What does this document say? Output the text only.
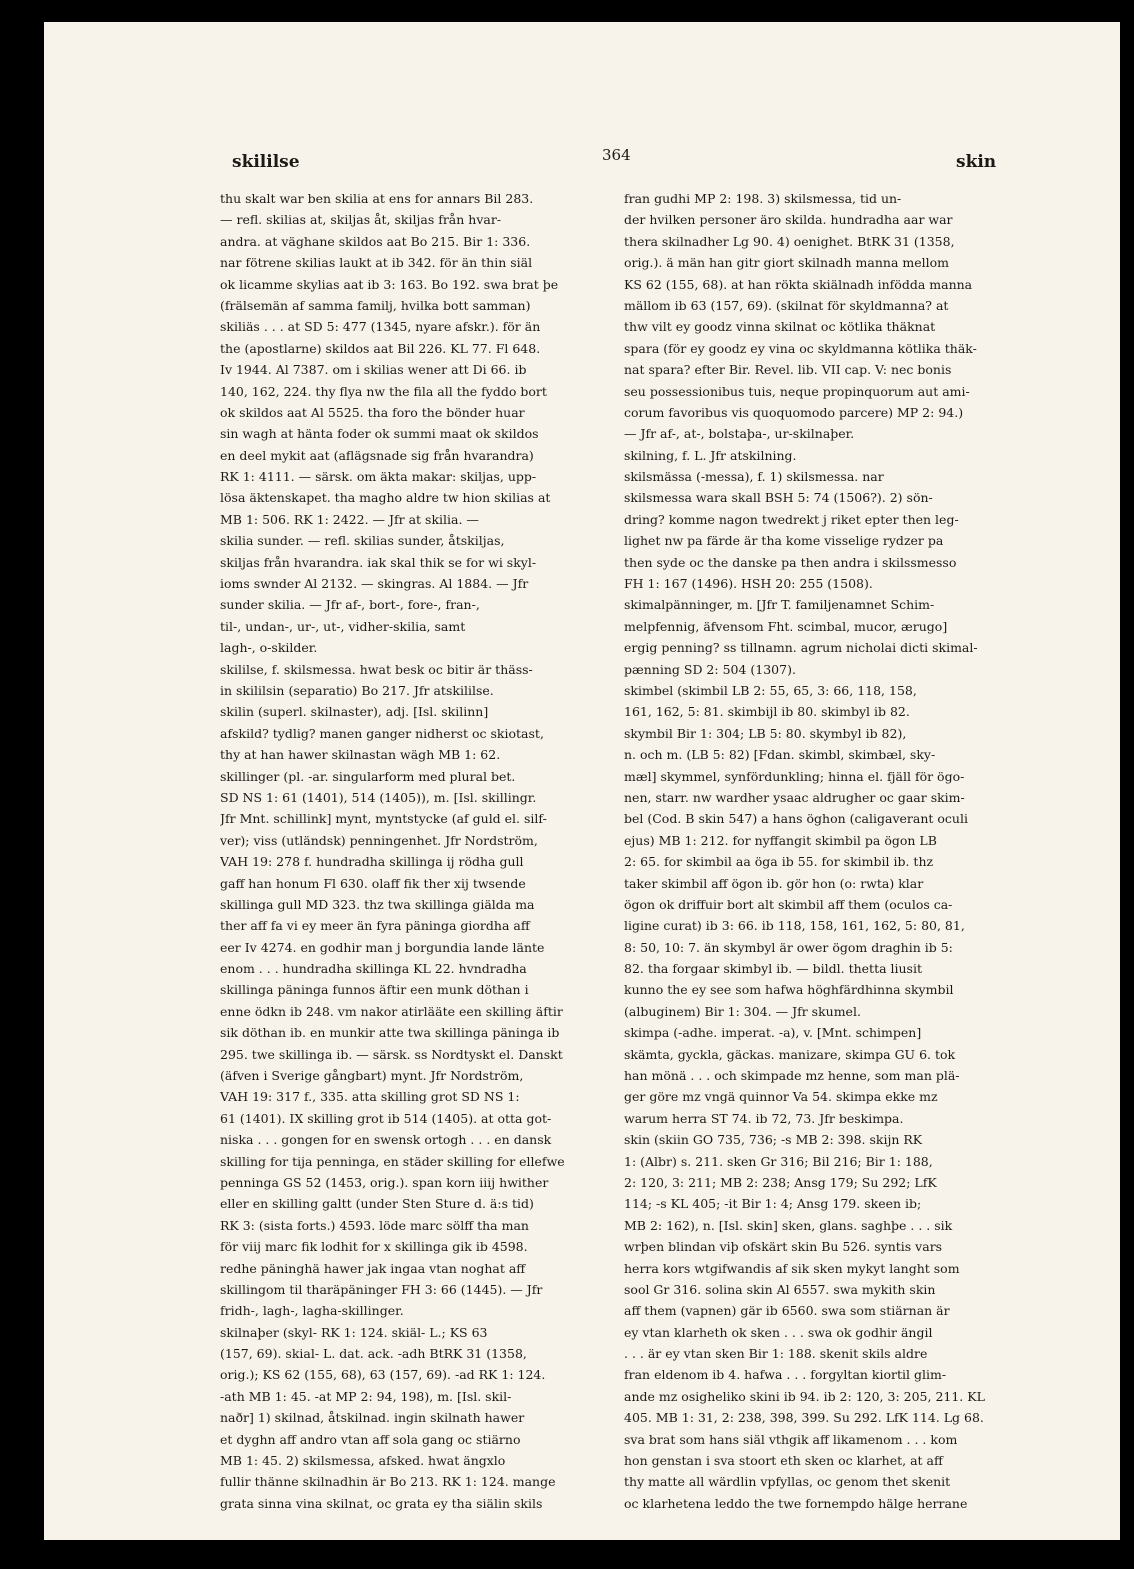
skililse	364	skin
thu skalt war ben skilia at ens for annars Bil 283.
— refl. skilias at, skiljas åt, skiljas från hvar-
andra. at väghane skildos aat Bo 215. Bir 1: 336.
nar fötrene skilias laukt at ib 342. för än thin siäl
ok licamme skylias aat ib 3: 163. Bo 192. swa brat þe
(frälsemän af samma familj, hvilka bott samman)
skiliäs . . . at SD 5: 477 (1345, nyare afskr.). för än
the (apostlarne) skildos aat Bil 226. KL 77. Fl 648.
Iv 1944. Al 7387. om i skilias wener att Di 66. ib
140, 162, 224. thy flya nw the fila all the fyddo bort
ok skildos aat Al 5525. tha foro the bönder huar
sin wagh at hänta foder ok summi maat ok skildos
en deel mykit aat (aflägsnade sig från hvarandra)
RK 1: 4111. — särsk. om äkta makar: skiljas, upp-
lösa äktenskapet. tha magho aldre tw hion skilias at
MB 1: 506. RK 1: 2422. — Jfr at skilia. —
skilia sunder. — refl. skilias sunder, åtskiljas,
skiljas från hvarandra. iak skal thik se for wi skyl-
ioms swnder Al 2132. — skingras. Al 1884. — Jfr
sunder skilia. — Jfr af-, bort-, fore-, fran-,
til-, undan-, ur-, ut-, vidher-skilia, samt
lagh-, o-skilder.
skililse, f. skilsmessa. hwat besk oc bitir är thäss-
in skililsin (separatio) Bo 217. Jfr atskililse.
skilin (superl. skilnaster), adj. [Isl. skilinn]
afskild? tydlig? manen ganger nidherst oc skiotast,
thy at han hawer skilnastan wägh MB 1: 62.
skillinger (pl. -ar. singularform med plural bet.
SD NS 1: 61 (1401), 514 (1405)), m. [Isl. skillingr.
Jfr Mnt. schillink] mynt, myntstycke (af guld el. silf-
ver); viss (utländsk) penningenhet. Jfr Nordström,
VAH 19: 278 f. hundradha skillinga ij rödha gull
gaff han honum Fl 630. olaff fik ther xij twsende
skillinga gull MD 323. thz twa skillinga giälda ma
ther aff fa vi ey meer än fyra päninga giordha aff
eer Iv 4274. en godhir man j borgundia lande länte
enom . . . hundradha skillinga KL 22. hvndradha
skillinga päninga funnos äftir een munk döthan i
enne ödkn ib 248. vm nakor atirlääte een skilling äftir
sik döthan ib. en munkir atte twa skillinga päninga ib
295. twe skillinga ib. — särsk. ss Nordtyskt el. Danskt
(äfven i Sverige gångbart) mynt. Jfr Nordström,
VAH 19: 317 f., 335. atta skilling grot SD NS 1:
61 (1401). IX skilling grot ib 514 (1405). at otta got-
niska . . . gongen for en swensk ortogh . . . en dansk
skilling for tija penninga, en städer skilling for ellefwe
penninga GS 52 (1453, orig.). span korn iiij hwither
eller en skilling galtt (under Sten Sture d. ä:s tid)
RK 3: (sista forts.) 4593. löde marc sölff tha man
för viij marc fik lodhit for x skillinga gik ib 4598.
redhe päninghä hawer jak ingaa vtan noghat aff
skillingom til tharäpäninger FH 3: 66 (1445). — Jfr
fridh-, lagh-, lagha-skillinger.
skilnaþer (skyl- RK 1: 124. skiäl- L.; KS 63
(157, 69). skial- L. dat. ack. -adh BtRK 31 (1358,
orig.); KS 62 (155, 68), 63 (157, 69). -ad RK 1: 124.
-ath MB 1: 45. -at MP 2: 94, 198), m. [Isl. skil-
naðr] 1) skilnad, åtskilnad. ingin skilnath hawer
et dyghn aff andro vtan aff sola gang oc stiärno
MB 1: 45. 2) skilsmessa, afsked. hwat ängxlo
fullir thänne skilnadhin är Bo 213. RK 1: 124. mange
grata sinna vina skilnat, oc grata ey tha siälin skils
fran gudhi MP 2: 198. 3) skilsmessa, tid un-
der hvilken personer äro skilda. hundradha aar war
thera skilnadher Lg 90. 4) oenighet. BtRK 31 (1358,
orig.). ä män han gitr giort skilnadh manna mellom
KS 62 (155, 68). at han rökta skiälnadh infödda manna
mällom ib 63 (157, 69). (skilnat för skyldmanna? at
thw vilt ey goodz vinna skilnat oc kötlika thäknat
spara (för ey goodz ey vina oc skyldmanna kötlika thäk-
nat spara? efter Bir. Revel. lib. VII cap. V: nec bonis
seu possessionibus tuis, neque propinquorum aut ami-
corum favoribus vis quoquomodo parcere) MP 2: 94.)
— Jfr af-, at-, bolstaþa-, ur-skilnaþer.
skilning, f. L. Jfr atskilning.
skilsmässa (-messa), f. 1) skilsmessa. nar
skilsmessa wara skall BSH 5: 74 (1506?). 2) sön-
dring? komme nagon twedrekt j riket epter then leg-
lighet nw pa färde är tha kome visselige rydzer pa
then syde oc the danske pa then andra i skilssmesso
FH 1: 167 (1496). HSH 20: 255 (1508).
skimalpänninger, m. [Jfr T. familjenamnet Schim-
melpfennig, äfvensom Fht. scimbal, mucor, ærugo]
ergig penning? ss tillnamn. agrum nicholai dicti skimal-
pænning SD 2: 504 (1307).
skimbel (skimbil LB 2: 55, 65, 3: 66, 118, 158,
161, 162, 5: 81. skimbijl ib 80. skimbyl ib 82.
skymbil Bir 1: 304; LB 5: 80. skymbyl ib 82),
n. och m. (LB 5: 82) [Fdan. skimbl, skimbæl, sky-
mæl] skymmel, synfördunkling; hinna el. fjäll för ögo-
nen, starr. nw wardher ysaac aldrugher oc gaar skim-
bel (Cod. B skin 547) a hans öghon (caligaverant oculi
ejus) MB 1: 212. for nyffangit skimbil pa ögon LB
2: 65. for skimbil aa öga ib 55. for skimbil ib. thz
taker skimbil aff ögon ib. gör hon (o: rwta) klar
ögon ok driffuir bort alt skimbil aff them (oculos ca-
ligine curat) ib 3: 66. ib 118, 158, 161, 162, 5: 80, 81,
8: 50, 10: 7. än skymbyl är ower ögom draghin ib 5:
82. tha forgaar skimbyl ib. — bildl. thetta liusit
kunno the ey see som hafwa höghfärdhinna skymbil
(albuginem) Bir 1: 304. — Jfr skumel.
skimpa (-adhe. imperat. -a), v. [Mnt. schimpen]
skämta, gyckla, gäckas. manizare, skimpa GU 6. tok
han mönä . . . och skimpade mz henne, som man plä-
ger göre mz vngä quinnor Va 54. skimpa ekke mz
warum herra ST 74. ib 72, 73. Jfr beskimpa.
skin (skiin GO 735, 736; -s MB 2: 398. skijn RK
1: (Albr) s. 211. sken Gr 316; Bil 216; Bir 1: 188,
2: 120, 3: 211; MB 2: 238; Ansg 179; Su 292; LfK
114; -s KL 405; -it Bir 1: 4; Ansg 179. skeen ib;
MB 2: 162), n. [Isl. skin] sken, glans. saghþe . . . sik
wrþen blindan viþ ofskärt skin Bu 526. syntis vars
herra kors wtgifwandis af sik sken mykyt langht som
sool Gr 316. solina skin Al 6557. swa mykith skin
aff them (vapnen) gär ib 6560. swa som stiärnan är
ey vtan klarheth ok sken . . . swa ok godhir ängil
. . . är ey vtan sken Bir 1: 188. skenit skils aldre
fran eldenom ib 4. hafwa . . . forgyltan kiortil glim-
ande mz osigheliko skini ib 94. ib 2: 120, 3: 205, 211. KL
405. MB 1: 31, 2: 238, 398, 399. Su 292. LfK 114. Lg 68.
sva brat som hans siäl vthgik aff likamenom . . . kom
hon genstan i sva stoort eth sken oc klarhet, at aff
thy matte all wärdlin vpfyllas, oc genom thet skenit
oc klarhetena leddo the twe fornempdo hälge herrane
